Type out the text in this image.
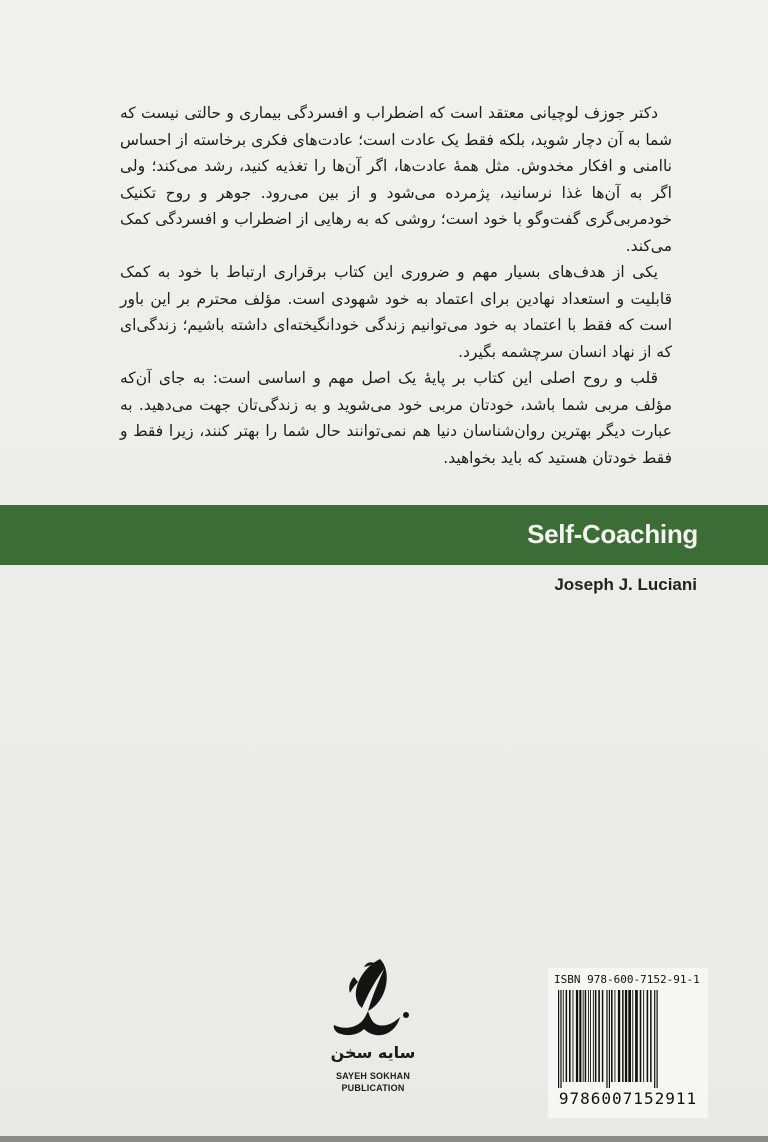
دکتر جوزف لوچیانی معتقد است که اضطراب و افسردگی بیماری و حالتی نیست که شما به آن دچار شوید، بلکه فقط یک عادت است؛ عادت‌های فکری برخاسته از احساس ناامنی و افکار مخدوش. مثل همهٔ عادت‌ها، اگر آن‌ها را تغذیه کنید، رشد می‌کند؛ ولی اگر به آن‌ها غذا نرسانید، پژمرده می‌شود و از بین می‌رود. جوهر و روح تکنیک خودمربی‌گری گفت‌وگو با خود است؛ روشی که به رهایی از اضطراب و افسردگی کمک می‌کند.

یکی از هدف‌های بسیار مهم و ضروری این کتاب برقراری ارتباط با خود به کمک قابلیت و استعداد نهادین برای اعتماد به خود شهودی است. مؤلف محترم بر این باور است که فقط با اعتماد به خود می‌توانیم زندگی خودانگیخته‌ای داشته باشیم؛ زندگی‌ای که از نهاد انسان سرچشمه بگیرد.

قلب و روح اصلی این کتاب بر پایهٔ یک اصل مهم و اساسی است: به جای آن‌که مؤلف مربی شما باشد، خودتان مربی خود می‌شوید و به زندگی‌تان جهت می‌دهید. به عبارت دیگر بهترین روان‌شناسان دنیا هم نمی‌توانند حال شما را بهتر کنند، زیرا فقط و فقط خودتان هستید که باید بخواهید.

Self-Coaching
Joseph J. Luciani
سایه سخن
SAYEH SOKHAN
PUBLICATION
ISBN 978-600-7152-91-1
9786007152911
